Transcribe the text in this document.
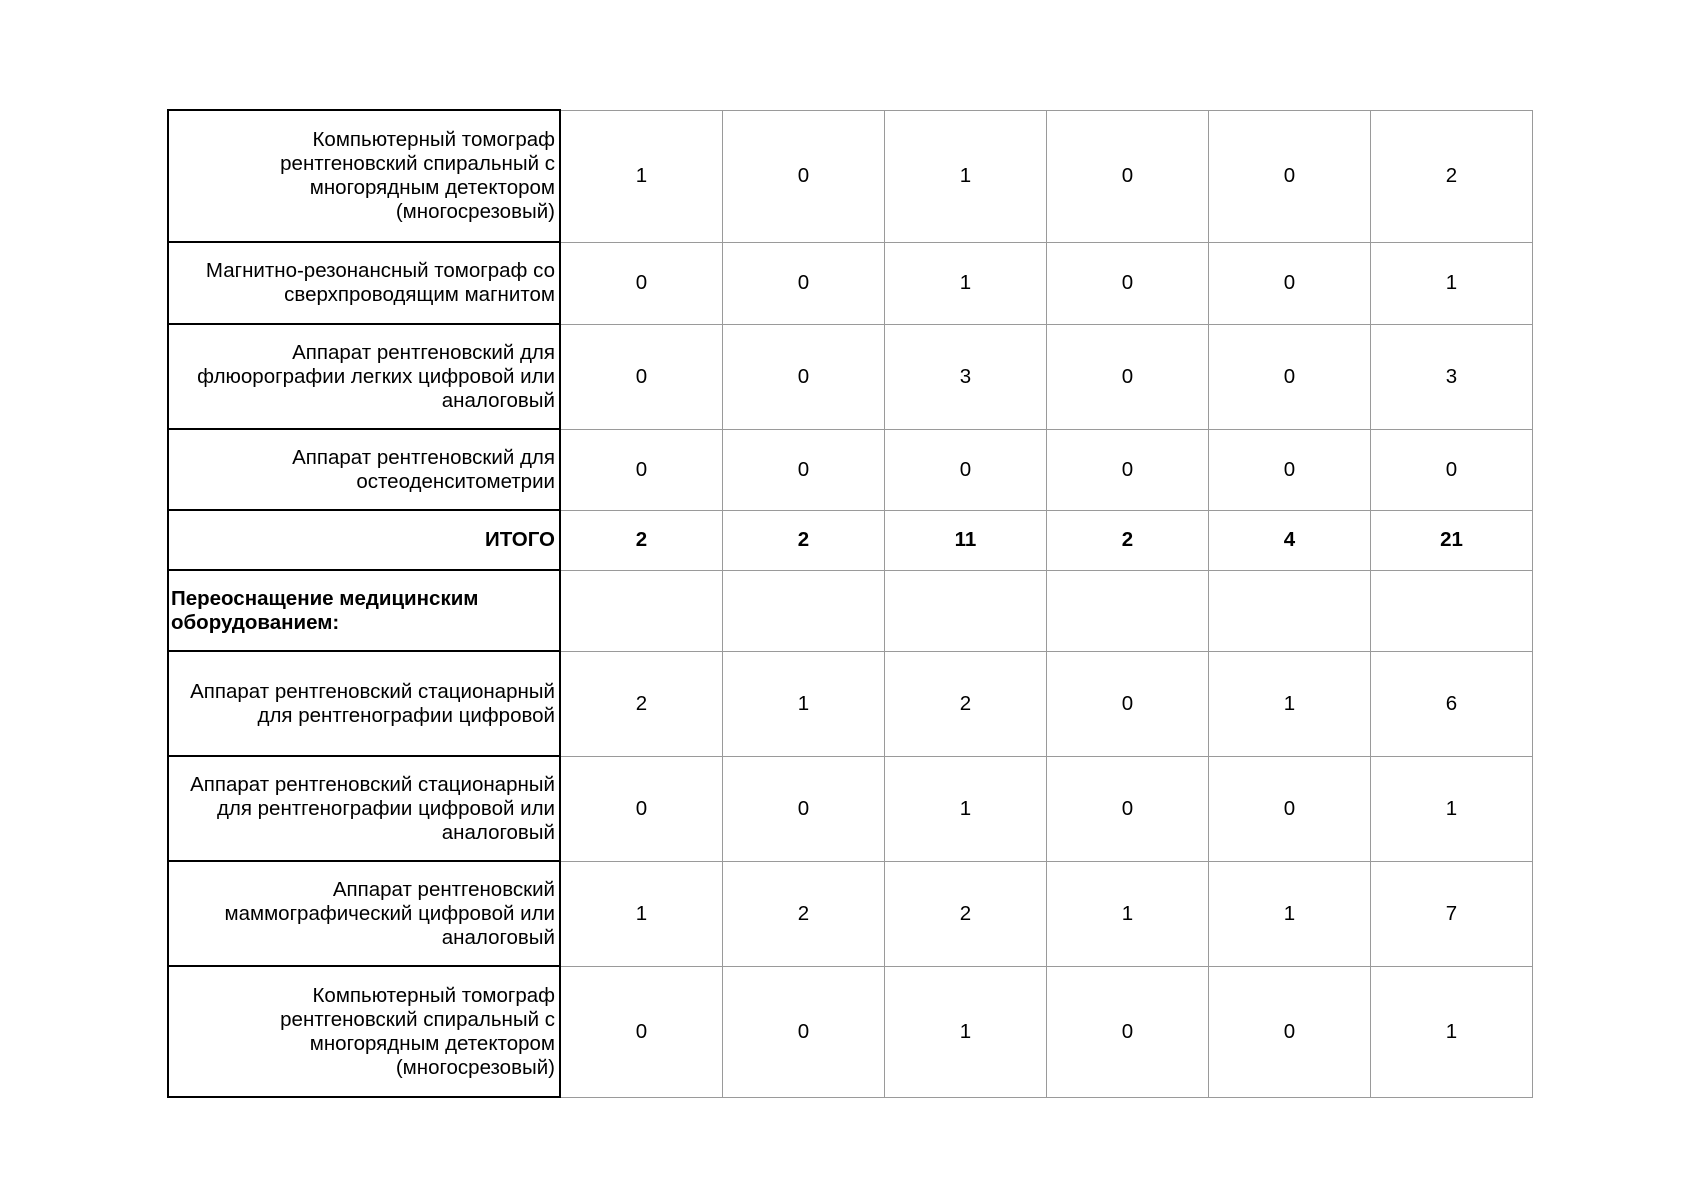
Компьютерный томограф рентгеновский спиральный с многорядным детектором (многосрезовый)	1	0	1	0	0	2
Магнитно-резонансный томограф со сверхпроводящим магнитом	0	0	1	0	0	1
Аппарат рентгеновский для флюорографии легких цифровой или аналоговый	0	0	3	0	0	3
Аппарат рентгеновский для остеоденситометрии	0	0	0	0	0	0
ИТОГО	2	2	11	2	4	21
Переоснащение медицинским оборудованием:						
Аппарат рентгеновский стационарный для рентгенографии цифровой	2	1	2	0	1	6
Аппарат рентгеновский стационарный для рентгенографии цифровой или аналоговый	0	0	1	0	0	1
Аппарат рентгеновский маммографический цифровой или аналоговый	1	2	2	1	1	7
Компьютерный томограф рентгеновский спиральный с многорядным детектором (многосрезовый)	0	0	1	0	0	1
